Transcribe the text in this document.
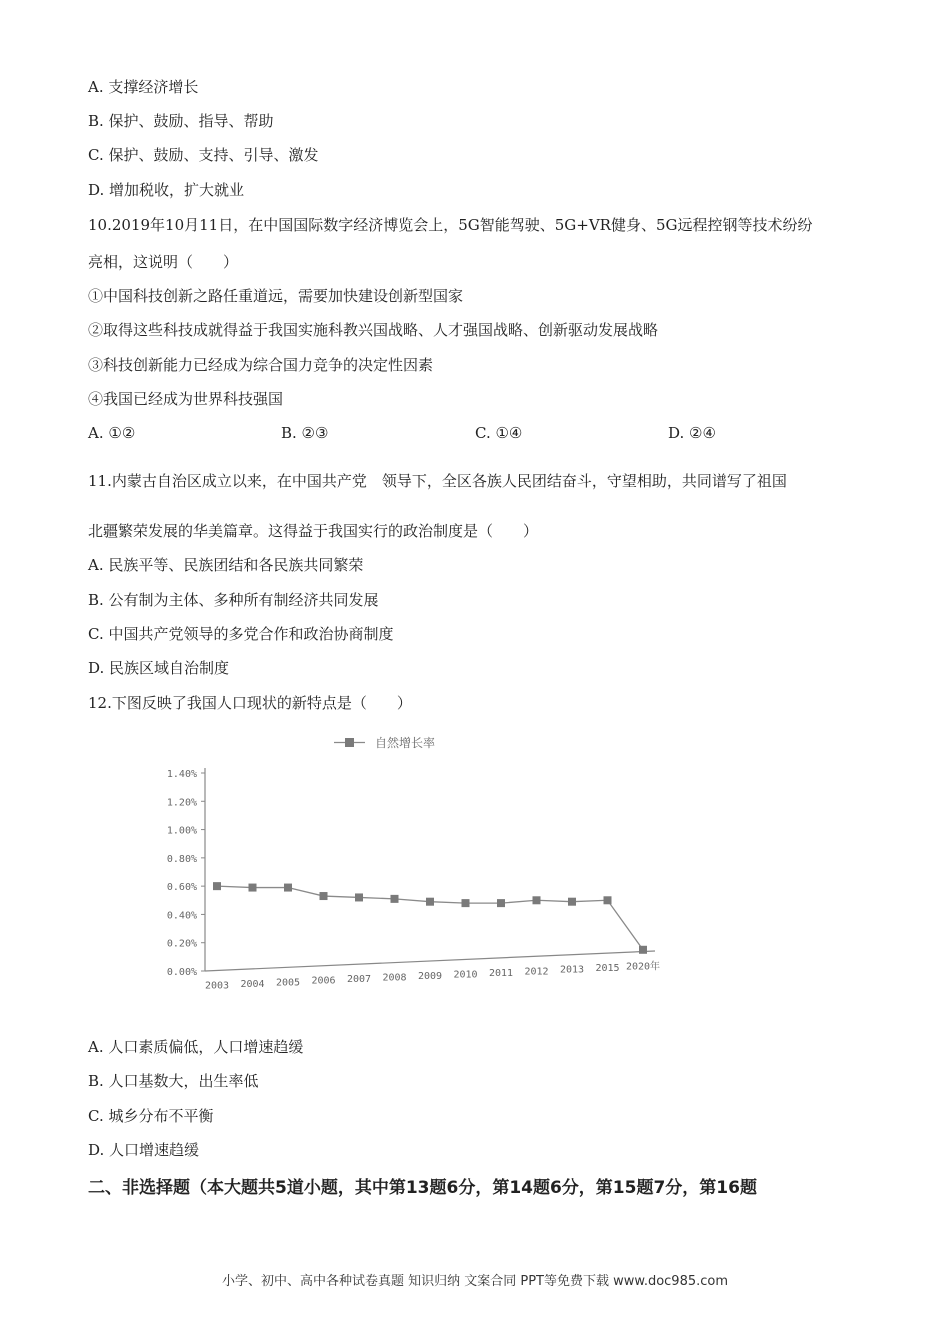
A. 支撑经济增长
B. 保护、鼓励、指导、帮助
C. 保护、鼓励、支持、引导、激发
D. 增加税收，扩大就业
10.2019年10月11日，在中国国际数字经济博览会上，5G智能驾驶、5G+VR健身、5G远程控钢等技术纷纷
亮相，这说明（　　）
①中国科技创新之路任重道远，需要加快建设创新型国家
②取得这些科技成就得益于我国实施科教兴国战略、人才强国战略、创新驱动发展战略
③科技创新能力已经成为综合国力竞争的决定性因素
④我国已经成为世界科技强国
A. ①②	B. ②③	C. ①④	D. ②④
11.内蒙古自治区成立以来，在中国共产党　领导下，全区各族人民团结奋斗，守望相助，共同谱写了祖国
北疆繁荣发展的华美篇章。这得益于我国实行的政治制度是（　　）
A. 民族平等、民族团结和各民族共同繁荣
B. 公有制为主体、多种所有制经济共同发展
C. 中国共产党领导的多党合作和政治协商制度
D. 民族区域自治制度
12.下图反映了我国人口现状的新特点是（　　）
自然增长率
0.00%
0.20%
0.40%
0.60%
0.80%
1.00%
1.20%
1.40%
2003 2004 2005 2006 2007 2008 2009 2010 2011 2012 2013 2015 2020年
A. 人口素质偏低，人口增速趋缓
B. 人口基数大，出生率低
C. 城乡分布不平衡
D. 人口增速趋缓
二、非选择题（本大题共5道小题，其中第13题6分，第14题6分，第15题7分，第16题
小学、初中、高中各种试卷真题 知识归纳 文案合同 PPT等免费下载 www.doc985.com
